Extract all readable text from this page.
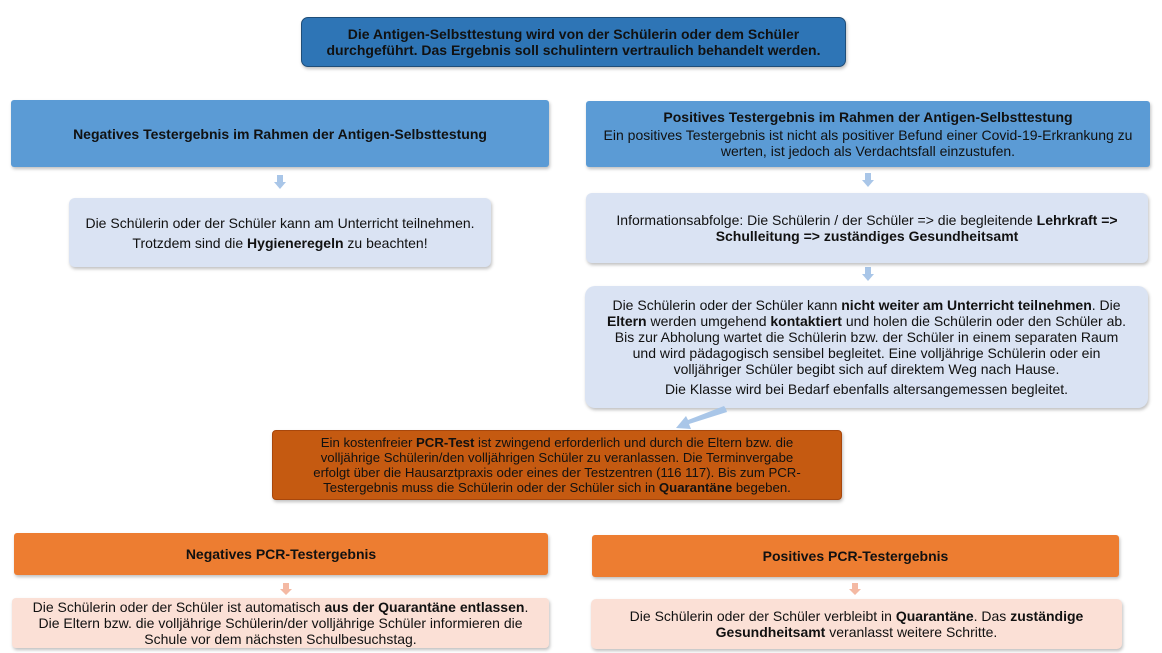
Die Antigen-Selbsttestung wird von der Schülerin oder dem Schüler

durchgeführt. Das Ergebnis soll schulintern vertraulich behandelt werden.

Negatives Testergebnis im Rahmen der Antigen-Selbsttestung

Positives Testergebnis im Rahmen der Antigen-Selbsttestung

Ein positives Testergebnis ist nicht als positiver Befund einer Covid-19-Erkrankung zu

werten, ist jedoch als Verdachtsfall einzustufen.

Die Schülerin oder der Schüler kann am Unterricht teilnehmen.

Trotzdem sind die Hygieneregeln zu beachten!

Informationsabfolge: Die Schülerin / der Schüler => die begleitende Lehrkraft =>

Schulleitung => zuständiges Gesundheitsamt

Die Schülerin oder der Schüler kann nicht weiter am Unterricht teilnehmen. Die

Eltern werden umgehend kontaktiert und holen die Schülerin oder den Schüler ab.

Bis zur Abholung wartet die Schülerin bzw. der Schüler in einem separaten Raum

und wird pädagogisch sensibel begleitet. Eine volljährige Schülerin oder ein

volljähriger Schüler begibt sich auf direktem Weg nach Hause.

Die Klasse wird bei Bedarf ebenfalls altersangemessen begleitet.

Ein kostenfreier PCR-Test ist zwingend erforderlich und durch die Eltern bzw. die

volljährige Schülerin/den volljährigen Schüler zu veranlassen. Die Terminvergabe

erfolgt über die Hausarztpraxis oder eines der Testzentren (116 117). Bis zum PCR-

Testergebnis muss die Schülerin oder der Schüler sich in Quarantäne begeben.

Negatives PCR-Testergebnis	Positives PCR-Testergebnis

Die Schülerin oder der Schüler ist automatisch aus der Quarantäne entlassen.

Die Eltern bzw. die volljährige Schülerin/der volljährige Schüler informieren die

Schule vor dem nächsten Schulbesuchstag.

Die Schülerin oder der Schüler verbleibt in Quarantäne. Das zuständige

Gesundheitsamt veranlasst weitere Schritte.
